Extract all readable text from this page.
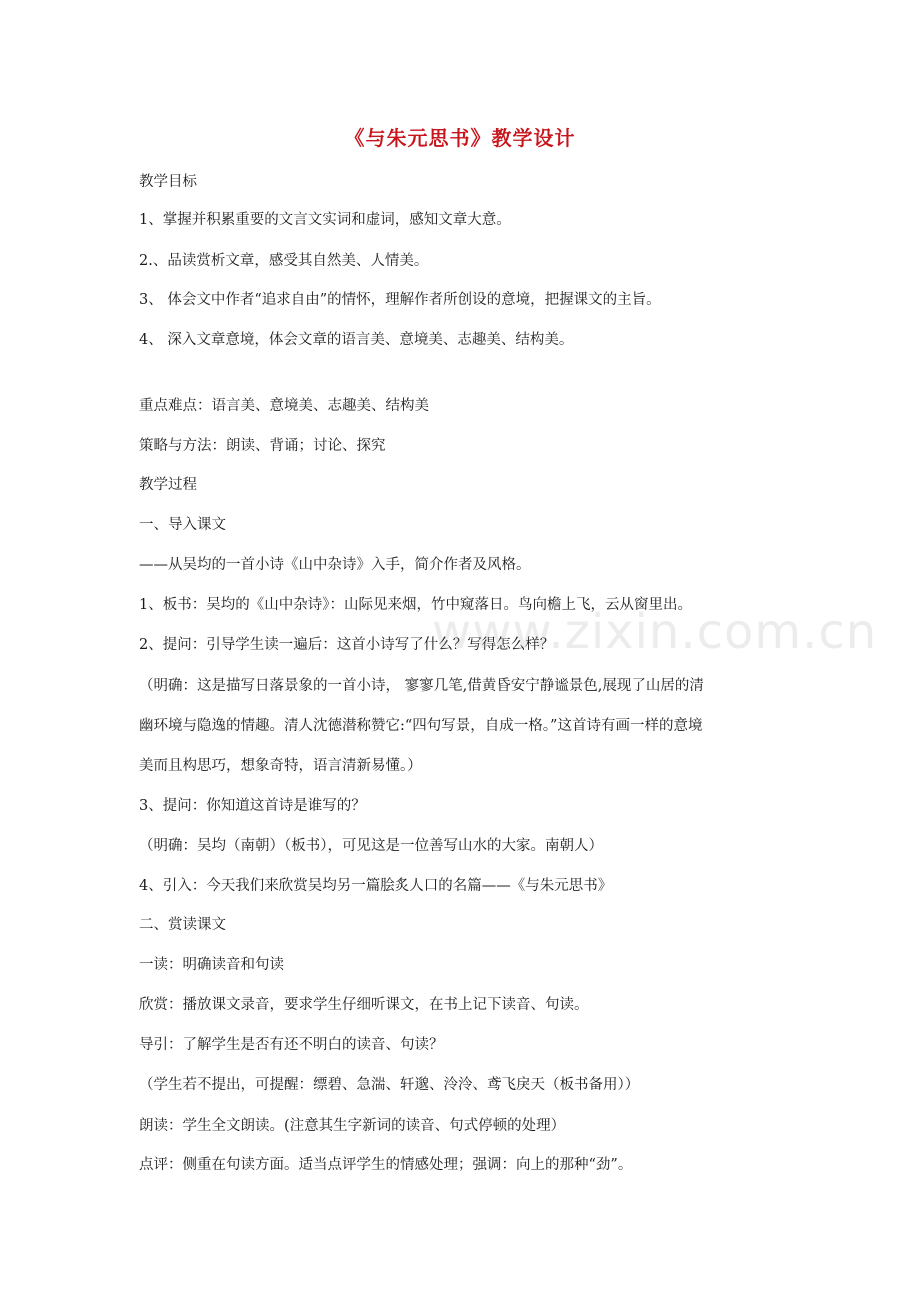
《与朱元思书》教学设计
教学目标
1、掌握并积累重要的文言文实词和虚词，感知文章大意。
2.、品读赏析文章，感受其自然美、人情美。
3、 体会文中作者“追求自由”的情怀，理解作者所创设的意境，把握课文的主旨。
4、 深入文章意境，体会文章的语言美、意境美、志趣美、结构美。
重点难点：语言美、意境美、志趣美、结构美
策略与方法：朗读、背诵；讨论、探究
教学过程
一、导入课文
——从吴均的一首小诗《山中杂诗》入手，简介作者及风格。
1、板书：吴均的《山中杂诗》：山际见来烟，竹中窥落日。鸟向檐上飞，云从窗里出。
2、提问：引导学生读一遍后：这首小诗写了什么？写得怎么样？
（明确：这是描写日落景象的一首小诗， 寥寥几笔,借黄昏安宁静谧景色,展现了山居的清
幽环境与隐逸的情趣。清人沈德潜称赞它:“四句写景，自成一格。”这首诗有画一样的意境
美而且构思巧，想象奇特，语言清新易懂。）
3、提问：你知道这首诗是谁写的？
（明确：吴均（南朝）（板书），可见这是一位善写山水的大家。南朝人）
4、引入：今天我们来欣赏吴均另一篇脍炙人口的名篇——《与朱元思书》
二、赏读课文
一读：明确读音和句读
欣赏：播放课文录音，要求学生仔细听课文，在书上记下读音、句读。
导引：了解学生是否有还不明白的读音、句读？
（学生若不提出，可提醒：缥碧、急湍、轩邈、泠泠、鸢飞戾天（板书备用））
朗读：学生全文朗读。(注意其生字新词的读音、句式停顿的处理）
点评：侧重在句读方面。适当点评学生的情感处理；强调：向上的那种“劲”。
www.zixin.com.cn
